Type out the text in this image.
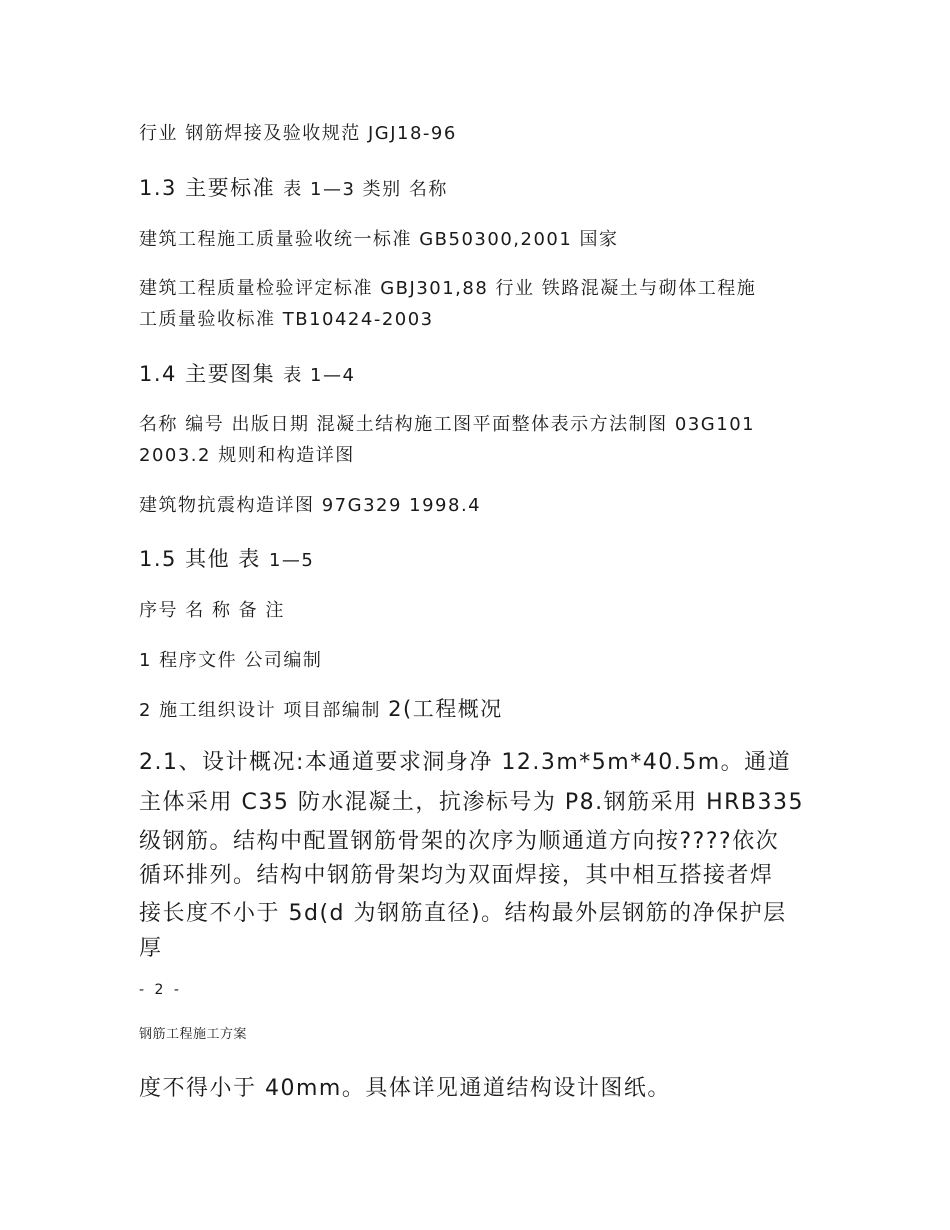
行业 钢筋焊接及验收规范 JGJ18-96
1.3 主要标准 表 1—3 类别 名称
建筑工程施工质量验收统一标准 GB50300,2001 国家
建筑工程质量检验评定标准 GBJ301,88 行业 铁路混凝土与砌体工程施
工质量验收标准 TB10424-2003
1.4 主要图集 表 1—4
名称 编号 出版日期 混凝土结构施工图平面整体表示方法制图 03G101
2003.2 规则和构造详图
建筑物抗震构造详图 97G329 1998.4
1.5 其他 表 1—5
序号 名 称 备 注
1 程序文件 公司编制
2 施工组织设计 项目部编制 2(工程概况
2.1、设计概况:本通道要求洞身净 12.3m*5m*40.5m。通道
主体采用 C35 防水混凝土，抗渗标号为 P8.钢筋采用 HRB335
级钢筋。结构中配置钢筋骨架的次序为顺通道方向按????依次
循环排列。结构中钢筋骨架均为双面焊接，其中相互搭接者焊
接长度不小于 5d(d 为钢筋直径)。结构最外层钢筋的净保护层
厚
- 2 -
钢筋工程施工方案
度不得小于 40mm。具体详见通道结构设计图纸。
